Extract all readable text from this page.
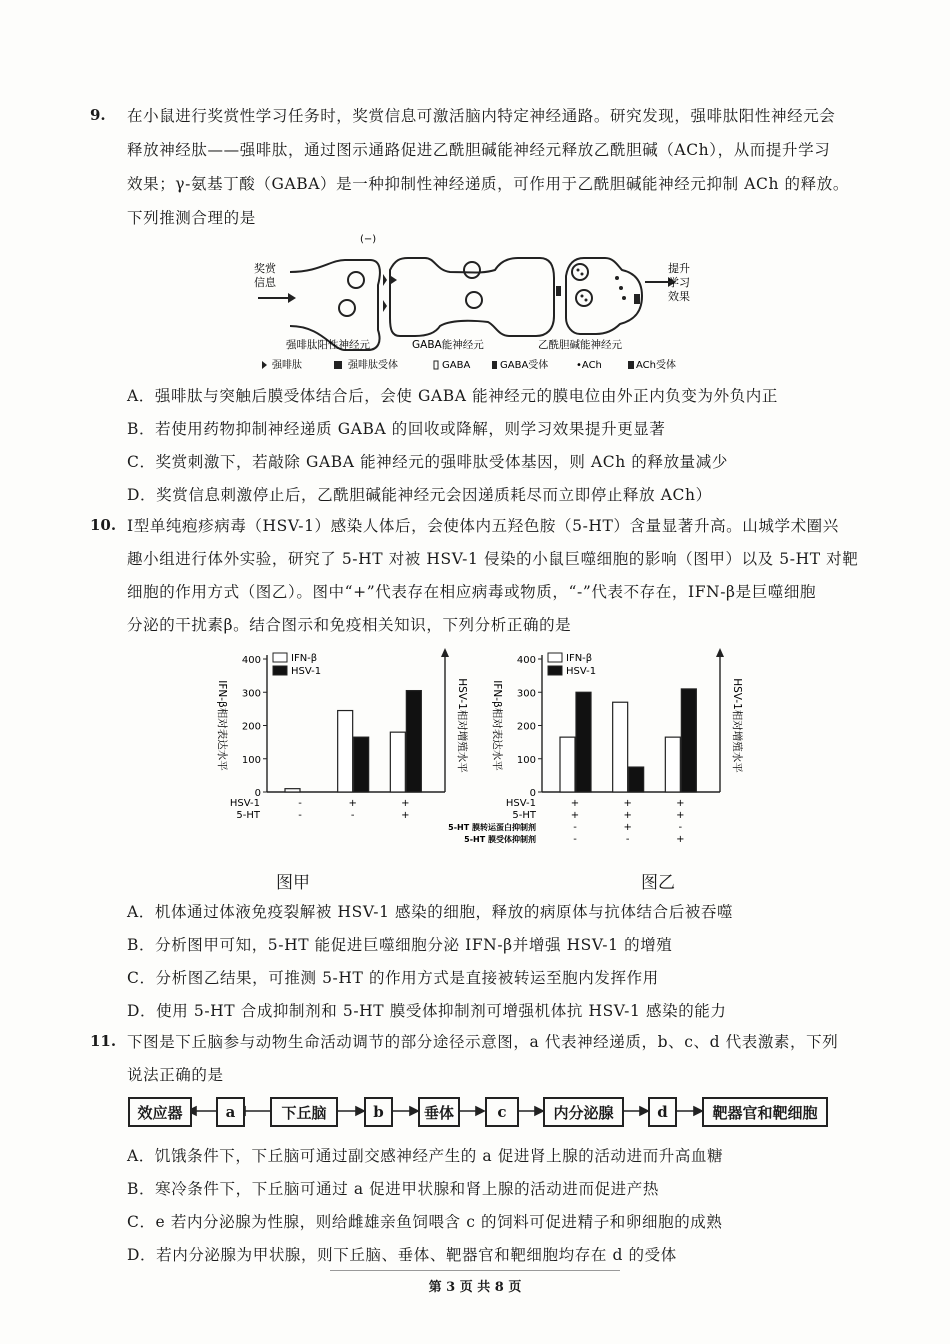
9. 在小鼠进行奖赏性学习任务时，奖赏信息可激活脑内特定神经通路。研究发现，强啡肽阳性神经元会
释放神经肽——强啡肽，通过图示通路促进乙酰胆碱能神经元释放乙酰胆碱（ACh），从而提升学习
效果；γ-氨基丁酸（GABA）是一种抑制性神经递质，可作用于乙酰胆碱能神经元抑制 ACh 的释放。
下列推测合理的是
奖赏
信息
提升
学习
效果
(−)
强啡肽阳性神经元	GABA能神经元	乙酰胆碱能神经元
强啡肽	强啡肽受体	GABA	GABA受体	•ACh	ACh受体
A．强啡肽与突触后膜受体结合后，会使 GABA 能神经元的膜电位由外正内负变为外负内正
B．若使用药物抑制神经递质 GABA 的回收或降解，则学习效果提升更显著
C．奖赏刺激下，若敲除 GABA 能神经元的强啡肽受体基因，则 ACh 的释放量减少
D．奖赏信息刺激停止后，乙酰胆碱能神经元会因递质耗尽而立即停止释放 ACh）
10. Ⅰ型单纯疱疹病毒（HSV-1）感染人体后，会使体内五羟色胺（5-HT）含量显著升高。山城学术圈兴
趣小组进行体外实验，研究了 5-HT 对被 HSV-1 侵染的小鼠巨噬细胞的影响（图甲）以及 5-HT 对靶
细胞的作用方式（图乙）。图中“+”代表存在相应病毒或物质，“-”代表不存在，IFN-β是巨噬细胞
分泌的干扰素β。结合图示和免疫相关知识，下列分析正确的是
0
100
200
300
400
IFN-β相对表达水平	HSV-1相对增殖水平
IFN-β
HSV-1
-
-
+
-
+
+
HSV-1
5-HT
0
100
200
300
400
IFN-β相对表达水平	HSV-1相对增殖水平
IFN-β
HSV-1
+
+
-
-
+
+
+
-
+
+
-
+
HSV-1
5-HT
5-HT 膜转运蛋白抑制剂
5-HT 膜受体抑制剂
图甲	图乙
A．机体通过体液免疫裂解被 HSV-1 感染的细胞，释放的病原体与抗体结合后被吞噬
B．分析图甲可知，5-HT 能促进巨噬细胞分泌 IFN-β并增强 HSV-1 的增殖
C．分析图乙结果，可推测 5-HT 的作用方式是直接被转运至胞内发挥作用
D．使用 5-HT 合成抑制剂和 5-HT 膜受体抑制剂可增强机体抗 HSV-1 感染的能力
11. 下图是下丘脑参与动物生命活动调节的部分途径示意图，a 代表神经递质，b、c、d 代表激素，下列
说法正确的是
效应器	a	下丘脑	b	垂体	c	内分泌腺	d	靶器官和靶细胞
A．饥饿条件下，下丘脑可通过副交感神经产生的 a 促进肾上腺的活动进而升高血糖
B．寒冷条件下，下丘脑可通过 a 促进甲状腺和肾上腺的活动进而促进产热
C．e 若内分泌腺为性腺，则给雌雄亲鱼饲喂含 c 的饲料可促进精子和卵细胞的成熟
D．若内分泌腺为甲状腺，则下丘脑、垂体、靶器官和靶细胞均存在 d 的受体
第 3 页 共 8 页
